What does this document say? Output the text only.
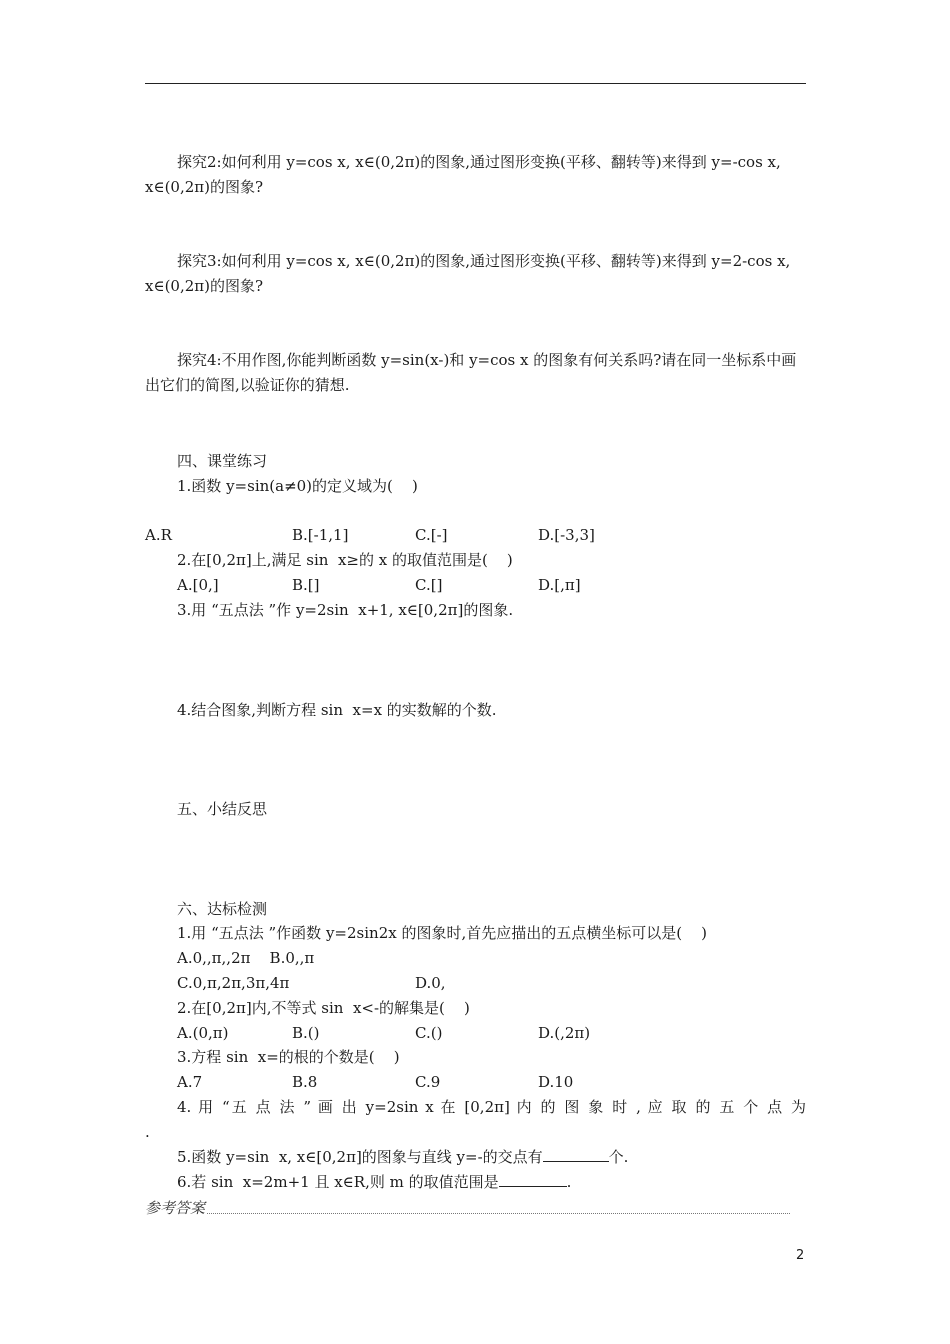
探究2:如何利用 y=cos x, x∈(0,2π)的图象,通过图形变换(平移、翻转等)来得到 y=-cos x, x∈(0,2π)的图象?
探究3:如何利用 y=cos x, x∈(0,2π)的图象,通过图形变换(平移、翻转等)来得到 y=2-cos x, x∈(0,2π)的图象?
探究4:不用作图,你能判断函数 y=sin(x-)和 y=cos x 的图象有何关系吗?请在同一坐标系中画出它们的简图,以验证你的猜想.
四、课堂练习
1.函数 y=sin(a≠0)的定义域为(    )
A.R	B.[-1,1]	C.[-]	D.[-3,3]
2.在[0,2π]上,满足 sin  x≥的 x 的取值范围是(    )
A.[0,]	B.[]	C.[]	D.[,π]
3.用 “五点法 ”作 y=2sin  x+1, x∈[0,2π]的图象.
4.结合图象,判断方程 sin  x=x 的实数解的个数.
五、小结反思
六、达标检测
1.用 “五点法 ”作函数 y=2sin2x 的图象时,首先应描出的五点横坐标可以是(    )
A.0,,π,,2π    B.0,,π
C.0,π,2π,3π,4π	D.0,
2.在[0,2π]内,不等式 sin  x<-的解集是(    )
A.(0,π)	B.()	C.()	D.(,2π)
3.方程 sin  x=的根的个数是(    )
A.7	B.8	C.9	D.10
4. 用 “五 点 法 ” 画 出 y=2sin x 在 [0,2π] 内 的 图 象 时 , 应 取 的 五 个 点 为
.
5.函数 y=sin  x, x∈[0,2π]的图象与直线 y=-的交点有	个.
6.若 sin  x=2m+1 且 x∈R,则 m 的取值范围是	.
参考答案
2
